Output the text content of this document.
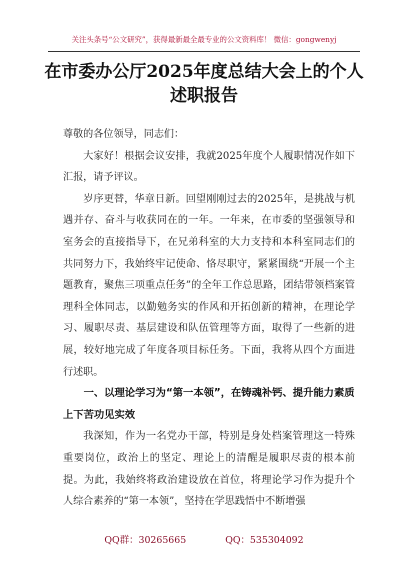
关注头条号“公文研究”，获得最新最全最专业的公文资料库！ 微信：gongwenyj
在市委办公厅2025年度总结大会上的个人述职报告

尊敬的各位领导，同志们：

大家好！根据会议安排，我就2025年度个人履职情况作如下汇报，请予评议。

岁序更替，华章日新。回望刚刚过去的2025年，是挑战与机遇并存、奋斗与收获同在的一年。一年来，在市委的坚强领导和室务会的直接指导下，在兄弟科室的大力支持和本科室同志们的共同努力下，我始终牢记使命、恪尽职守，紧紧围绕“开展一个主题教育，聚焦三项重点任务”的全年工作总思路，团结带领档案管理科全体同志，以勤勉务实的作风和开拓创新的精神，在理论学习、履职尽责、基层建设和队伍管理等方面，取得了一些新的进展，较好地完成了年度各项目标任务。下面，我将从四个方面进行述职。

一、以理论学习为“第一本领”，在铸魂补钙、提升能力素质上下苦功见实效

我深知，作为一名党办干部，特别是身处档案管理这一特殊重要岗位，政治上的坚定、理论上的清醒是履职尽责的根本前提。为此，我始终将政治建设放在首位，将理论学习作为提升个人综合素养的“第一本领”，坚持在学思践悟中不断增强

QQ群：30265665	QQ：535304092
